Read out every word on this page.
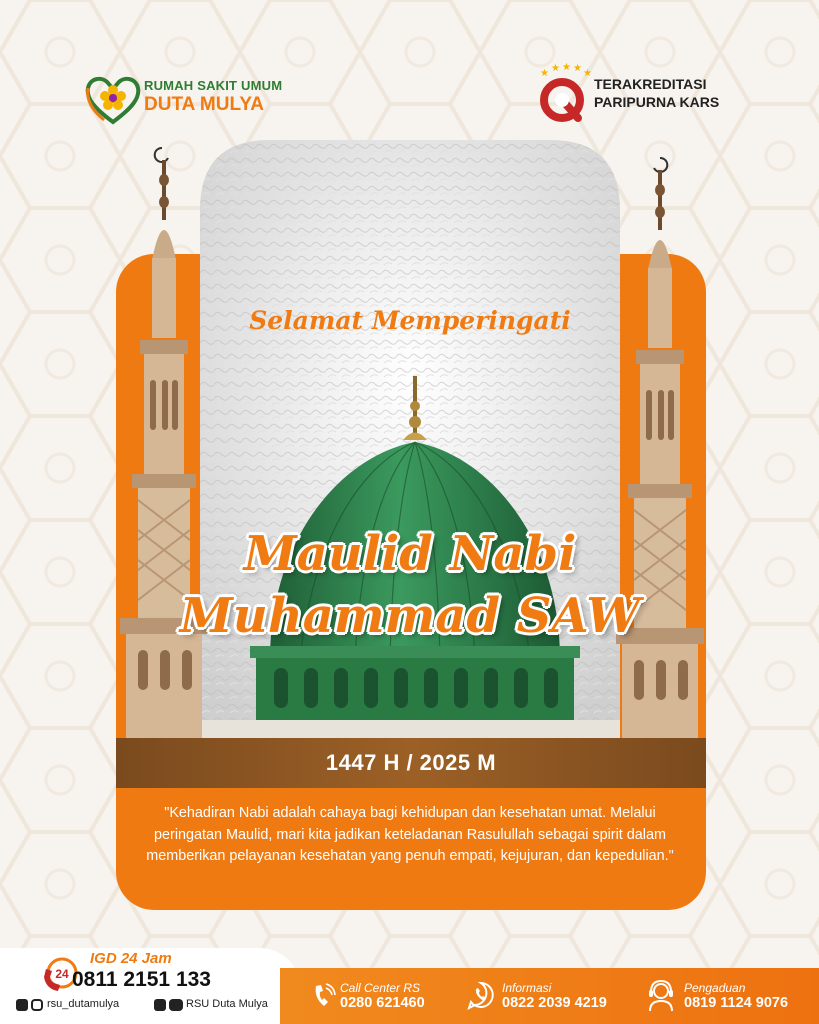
RUMAH SAKIT UMUM
DUTA MULYA
★ ★ ★ ★ ★
TERAKREDITASI
PARIPURNA KARS
Selamat Memperingati
Maulid Nabi
Muhammad SAW
1447 H / 2025 M
"Kehadiran Nabi adalah cahaya bagi kehidupan dan kesehatan umat. Melalui peringatan Maulid, mari kita jadikan keteladanan Rasulullah sebagai spirit dalam memberikan pelayanan kesehatan yang penuh empati, kejujuran, dan kepedulian."
24
IGD 24 Jam
0811 2151 133
rsu_dutamulya	RSU Duta Mulya
Call Center RS
0280 621460
Informasi
0822 2039 4219
Pengaduan
0819 1124 9076
